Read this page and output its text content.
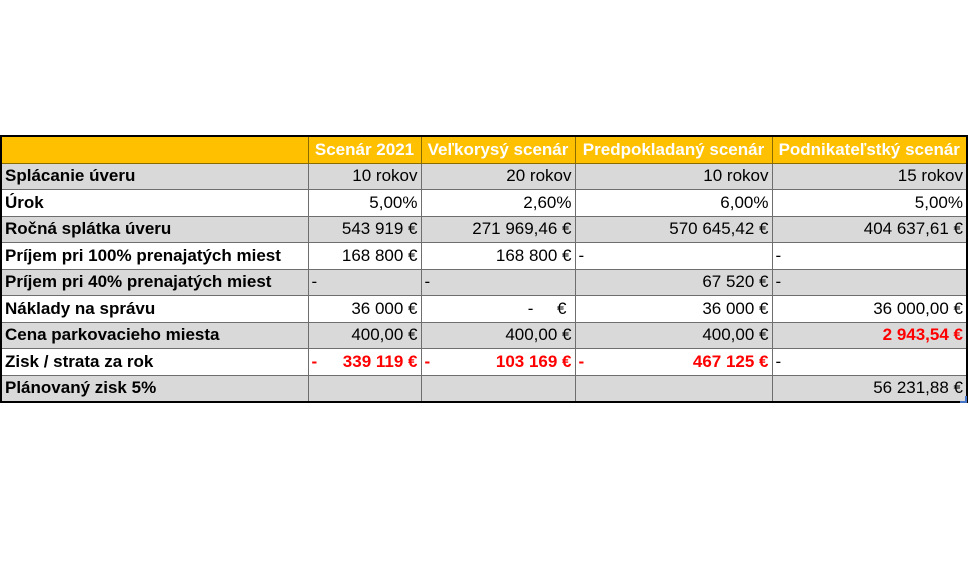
	Scenár 2021	Veľkorysý scenár	Predpokladaný scenár	Podnikateľstký scenár
Splácanie úveru	10 rokov	20 rokov	10 rokov	15 rokov
Úrok	5,00%	2,60%	6,00%	5,00%
Ročná splátka úveru	543 919 €	271 969,46 €	570 645,42 €	404 637,61 €
Príjem pri 100% prenajatých miest	168 800 €	168 800 €	-	-
Príjem pri 40% prenajatých miest	-	-	67 520 €	-
Náklady na správu	36 000 €	-     €	36 000 €	36 000,00 €
Cena parkovacieho miesta	400,00 €	400,00 €	400,00 €	2 943,54 €
Zisk / strata za rok	- 339 119 €	- 103 169 €	- 467 125 €	-
Plánovaný zisk 5%				56 231,88 €
